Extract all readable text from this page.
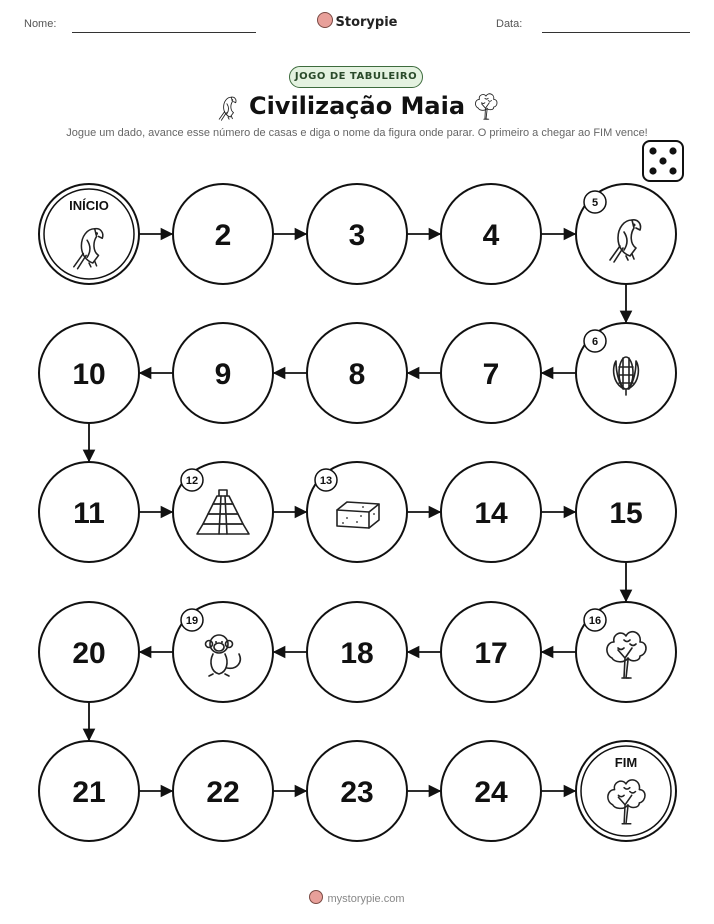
Nome:	Storypie	Data:
JOGO DE TABULEIRO
Civilização Maia
Jogue um dado, avance esse número de casas e diga o nome da figura onde parar. O primeiro a chegar ao FIM vence!
INÍCIO
2	3	4
5
6
7
8
9
10
11
12	13
14	15
16
17
18
19
20
21	22	23	24
FIM
mystorypie.com
